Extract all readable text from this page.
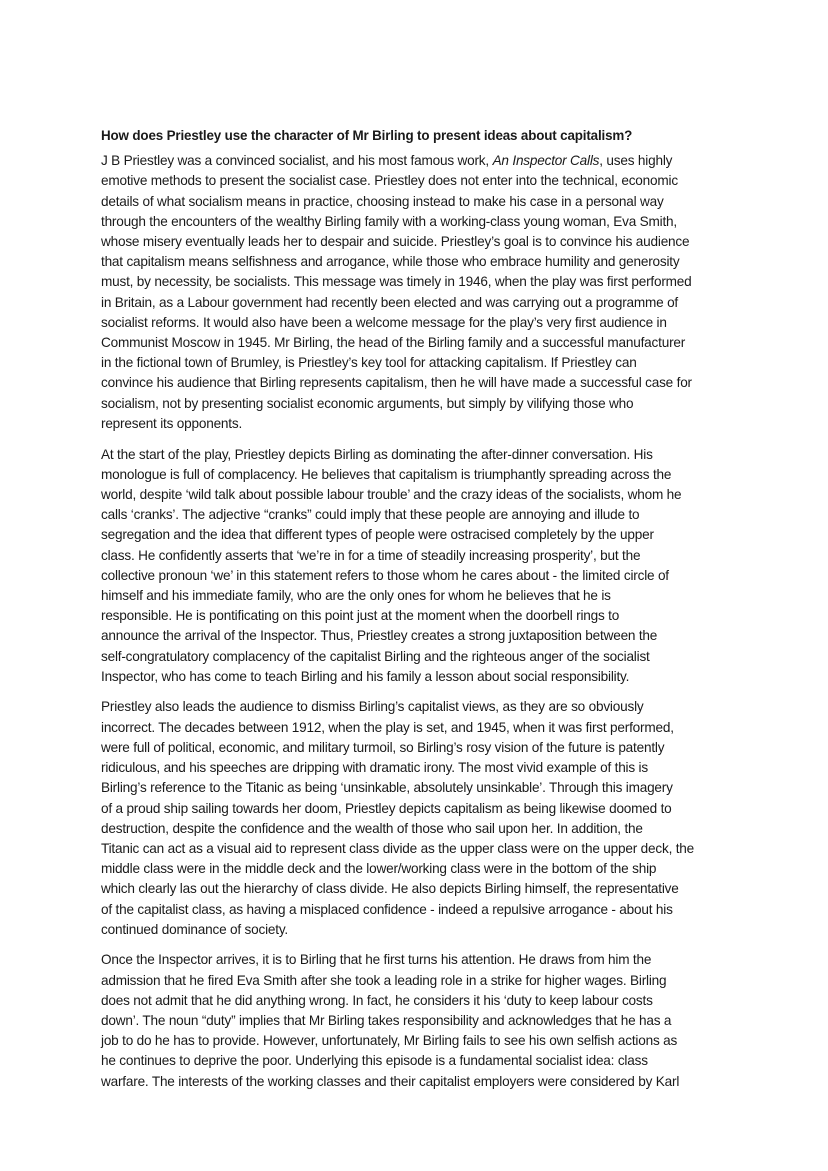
How does Priestley use the character of Mr Birling to present ideas about capitalism?
J B Priestley was a convinced socialist, and his most famous work, An Inspector Calls, uses highly
emotive methods to present the socialist case. Priestley does not enter into the technical, economic
details of what socialism means in practice, choosing instead to make his case in a personal way
through the encounters of the wealthy Birling family with a working-class young woman, Eva Smith,
whose misery eventually leads her to despair and suicide. Priestley’s goal is to convince his audience
that capitalism means selfishness and arrogance, while those who embrace humility and generosity
must, by necessity, be socialists. This message was timely in 1946, when the play was first performed
in Britain, as a Labour government had recently been elected and was carrying out a programme of
socialist reforms. It would also have been a welcome message for the play’s very first audience in
Communist Moscow in 1945. Mr Birling, the head of the Birling family and a successful manufacturer
in the fictional town of Brumley, is Priestley’s key tool for attacking capitalism. If Priestley can
convince his audience that Birling represents capitalism, then he will have made a successful case for
socialism, not by presenting socialist economic arguments, but simply by vilifying those who
represent its opponents.
At the start of the play, Priestley depicts Birling as dominating the after-dinner conversation. His
monologue is full of complacency. He believes that capitalism is triumphantly spreading across the
world, despite ‘wild talk about possible labour trouble’ and the crazy ideas of the socialists, whom he
calls ‘cranks’. The adjective “cranks” could imply that these people are annoying and illude to
segregation and the idea that different types of people were ostracised completely by the upper
class. He confidently asserts that ‘we’re in for a time of steadily increasing prosperity’, but the
collective pronoun ‘we’ in this statement refers to those whom he cares about - the limited circle of
himself and his immediate family, who are the only ones for whom he believes that he is
responsible. He is pontificating on this point just at the moment when the doorbell rings to
announce the arrival of the Inspector. Thus, Priestley creates a strong juxtaposition between the
self-congratulatory complacency of the capitalist Birling and the righteous anger of the socialist
Inspector, who has come to teach Birling and his family a lesson about social responsibility.
Priestley also leads the audience to dismiss Birling’s capitalist views, as they are so obviously
incorrect. The decades between 1912, when the play is set, and 1945, when it was first performed,
were full of political, economic, and military turmoil, so Birling’s rosy vision of the future is patently
ridiculous, and his speeches are dripping with dramatic irony. The most vivid example of this is
Birling’s reference to the Titanic as being ‘unsinkable, absolutely unsinkable’. Through this imagery
of a proud ship sailing towards her doom, Priestley depicts capitalism as being likewise doomed to
destruction, despite the confidence and the wealth of those who sail upon her. In addition, the
Titanic can act as a visual aid to represent class divide as the upper class were on the upper deck, the
middle class were in the middle deck and the lower/working class were in the bottom of the ship
which clearly las out the hierarchy of class divide. He also depicts Birling himself, the representative
of the capitalist class, as having a misplaced confidence - indeed a repulsive arrogance - about his
continued dominance of society.
Once the Inspector arrives, it is to Birling that he first turns his attention. He draws from him the
admission that he fired Eva Smith after she took a leading role in a strike for higher wages. Birling
does not admit that he did anything wrong. In fact, he considers it his ‘duty to keep labour costs
down’. The noun “duty” implies that Mr Birling takes responsibility and acknowledges that he has a
job to do he has to provide. However, unfortunately, Mr Birling fails to see his own selfish actions as
he continues to deprive the poor. Underlying this episode is a fundamental socialist idea: class
warfare. The interests of the working classes and their capitalist employers were considered by Karl
